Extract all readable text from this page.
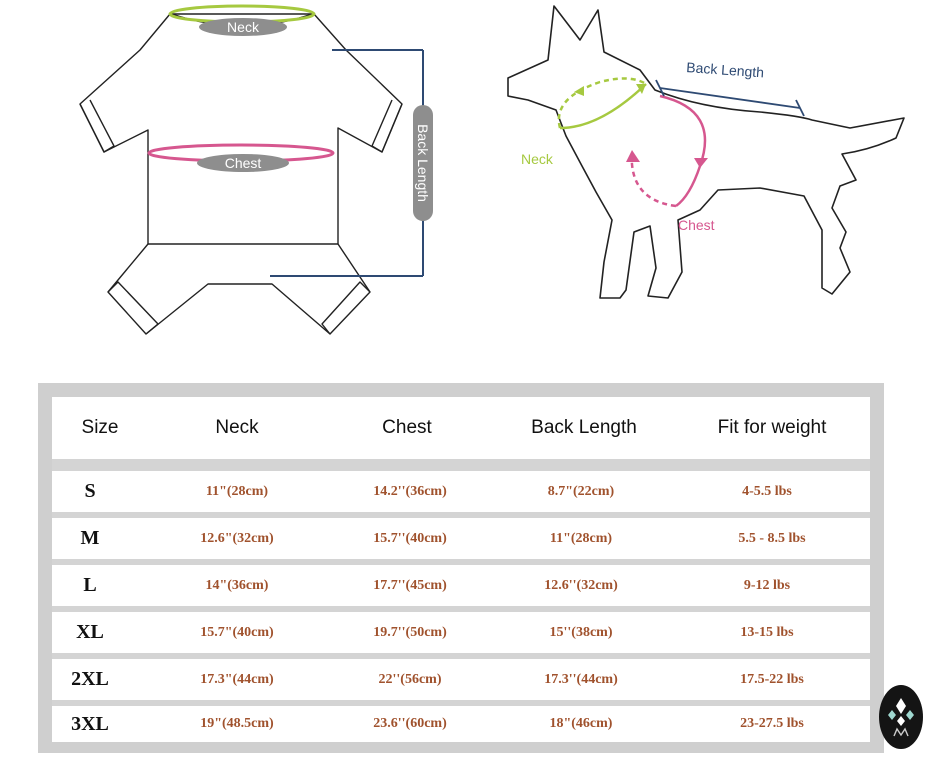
Neck
Chest	Back Length	Neck
Chest
Back Length
Size	Neck	Chest	Back Length	Fit for weight
S	11"(28cm)	14.2''(36cm)	8.7"(22cm)	4-5.5 lbs
M	12.6"(32cm)	15.7''(40cm)	11"(28cm)	5.5 - 8.5 lbs
L	14"(36cm)	17.7''(45cm)	12.6''(32cm)	9-12 lbs
XL	15.7"(40cm)	19.7''(50cm)	15''(38cm)	13-15 lbs
2XL	17.3"(44cm)	22''(56cm)	17.3''(44cm)	17.5-22 lbs
3XL	19"(48.5cm)	23.6''(60cm)	18"(46cm)	23-27.5 lbs
